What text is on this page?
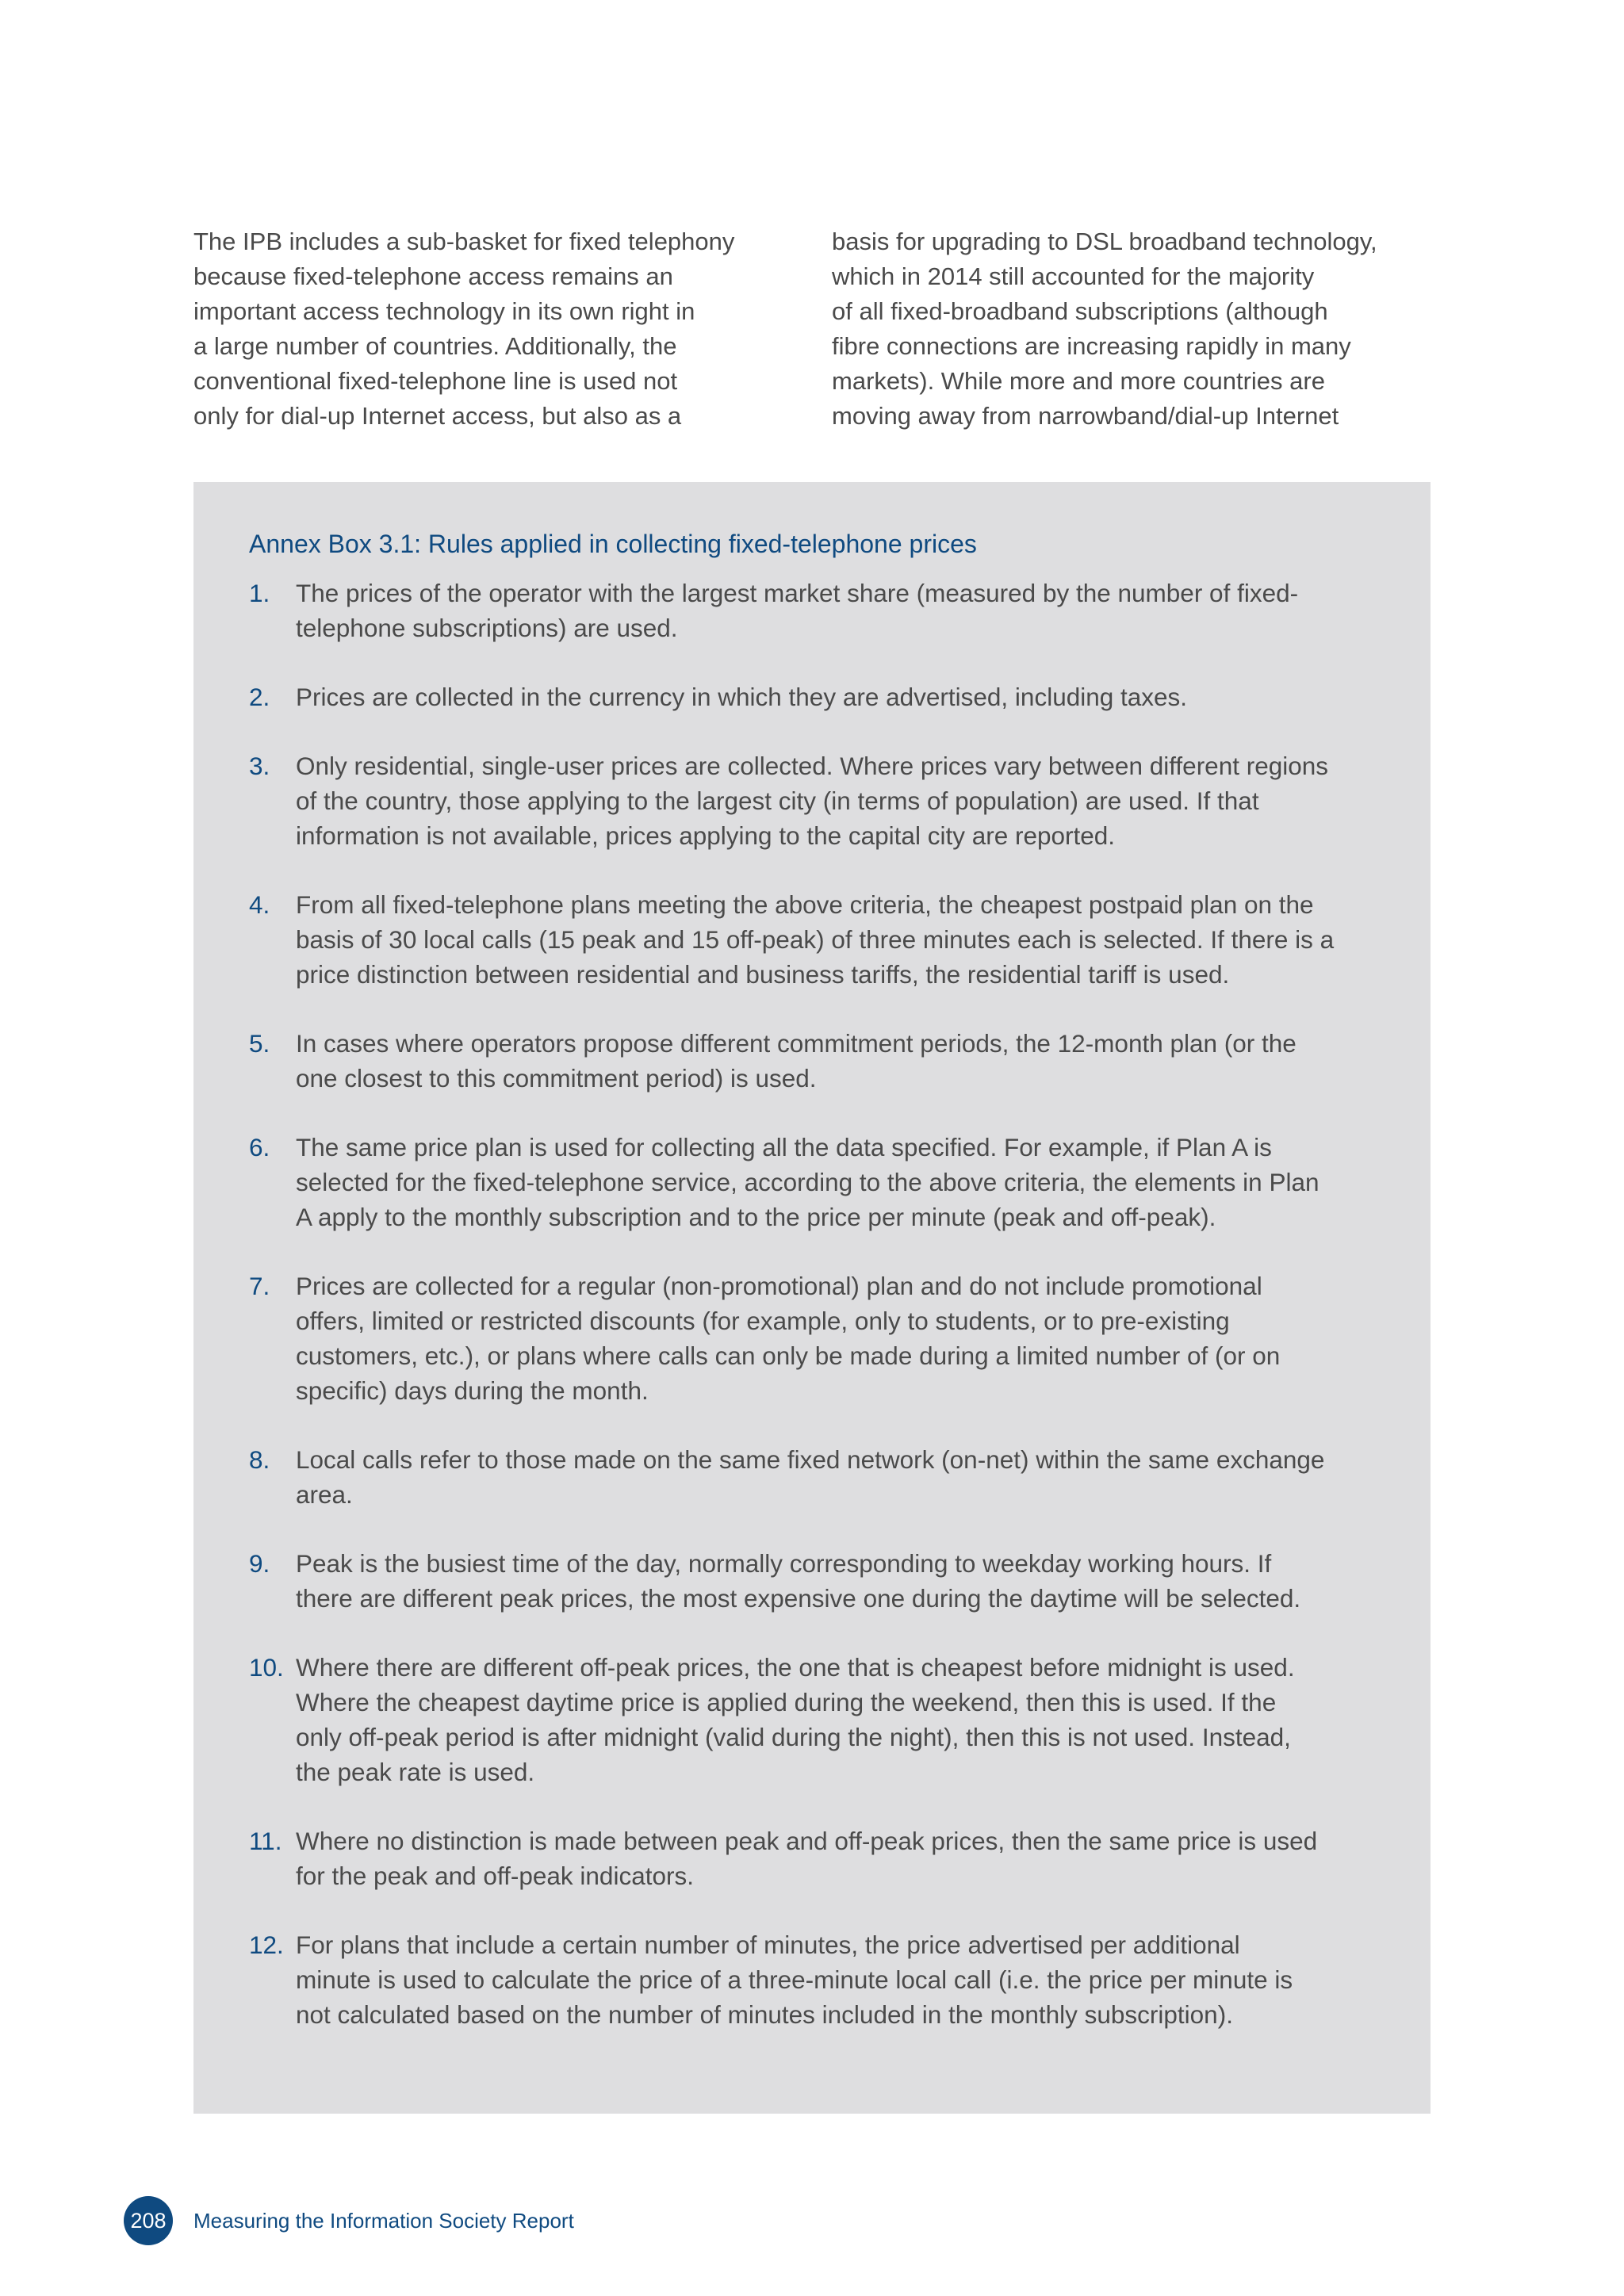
The IPB includes a sub-basket for fixed telephony
because fixed-telephone access remains an
important access technology in its own right in
a large number of countries. Additionally, the
conventional fixed-telephone line is used not
only for dial-up Internet access, but also as a
basis for upgrading to DSL broadband technology,
which in 2014 still accounted for the majority
of all fixed-broadband subscriptions (although
fibre connections are increasing rapidly in many
markets). While more and more countries are
moving away from narrowband/dial-up Internet
Annex Box 3.1: Rules applied in collecting fixed-telephone prices
1. The prices of the operator with the largest market share (measured by the number of fixed-
telephone subscriptions) are used.
2. Prices are collected in the currency in which they are advertised, including taxes.
3. Only residential, single-user prices are collected. Where prices vary between different regions
of the country, those applying to the largest city (in terms of population) are used. If that
information is not available, prices applying to the capital city are reported.
4. From all fixed-telephone plans meeting the above criteria, the cheapest postpaid plan on the
basis of 30 local calls (15 peak and 15 off-peak) of three minutes each is selected. If there is a
price distinction between residential and business tariffs, the residential tariff is used.
5. In cases where operators propose different commitment periods, the 12-month plan (or the
one closest to this commitment period) is used.
6. The same price plan is used for collecting all the data specified. For example, if Plan A is
selected for the fixed-telephone service, according to the above criteria, the elements in Plan
A apply to the monthly subscription and to the price per minute (peak and off-peak).
7. Prices are collected for a regular (non-promotional) plan and do not include promotional
offers, limited or restricted discounts (for example, only to students, or to pre-existing
customers, etc.), or plans where calls can only be made during a limited number of (or on
specific) days during the month.
8. Local calls refer to those made on the same fixed network (on-net) within the same exchange
area.
9. Peak is the busiest time of the day, normally corresponding to weekday working hours. If
there are different peak prices, the most expensive one during the daytime will be selected.
10. Where there are different off-peak prices, the one that is cheapest before midnight is used.
Where the cheapest daytime price is applied during the weekend, then this is used. If the
only off-peak period is after midnight (valid during the night), then this is not used. Instead,
the peak rate is used.
11. Where no distinction is made between peak and off-peak prices, then the same price is used
for the peak and off-peak indicators.
12. For plans that include a certain number of minutes, the price advertised per additional
minute is used to calculate the price of a three-minute local call (i.e. the price per minute is
not calculated based on the number of minutes included in the monthly subscription).
208	Measuring the Information Society Report
